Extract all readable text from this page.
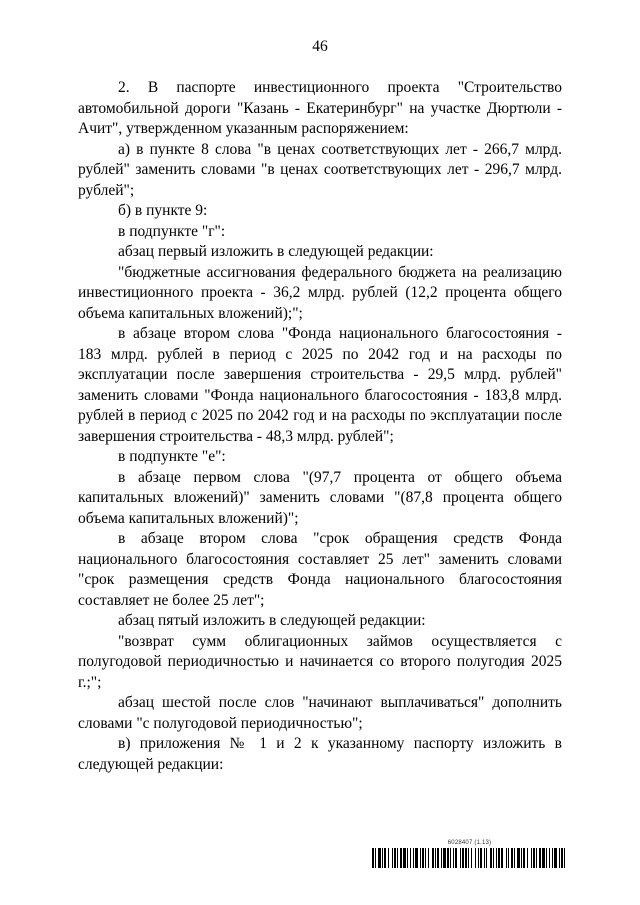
46

2. В паспорте инвестиционного проекта "Строительство автомобильной дороги "Казань - Екатеринбург" на участке Дюртюли - Ачит", утвержденном указанным распоряжением:

а) в пункте 8 слова "в ценах соответствующих лет - 266,7 млрд. рублей" заменить словами "в ценах соответствующих лет - 296,7 млрд. рублей";

б) в пункте 9:

в подпункте "г":

абзац первый изложить в следующей редакции:

"бюджетные ассигнования федерального бюджета на реализацию инвестиционного проекта - 36,2 млрд. рублей (12,2 процента общего объема капитальных вложений);";

в абзаце втором слова "Фонда национального благосостояния - 183 млрд. рублей в период с 2025 по 2042 год и на расходы по эксплуатации после завершения строительства - 29,5 млрд. рублей" заменить словами "Фонда национального благосостояния - 183,8 млрд. рублей в период с 2025 по 2042 год и на расходы по эксплуатации после завершения строительства - 48,3 млрд. рублей";

в подпункте "е":

в абзаце первом слова "(97,7 процента от общего объема капитальных вложений)" заменить словами "(87,8 процента общего объема капитальных вложений)";

в абзаце втором слова "срок обращения средств Фонда национального благосостояния составляет 25 лет" заменить словами "срок размещения средств Фонда национального благосостояния составляет не более 25 лет";

абзац пятый изложить в следующей редакции:

"возврат сумм облигационных займов осуществляется с полугодовой периодичностью и начинается со второго полугодия 2025 г.;";

абзац шестой после слов "начинают выплачиваться" дополнить словами "с полугодовой периодичностью";

в) приложения № 1 и 2 к указанному паспорту изложить в следующей редакции:

6028407 (1.13)
